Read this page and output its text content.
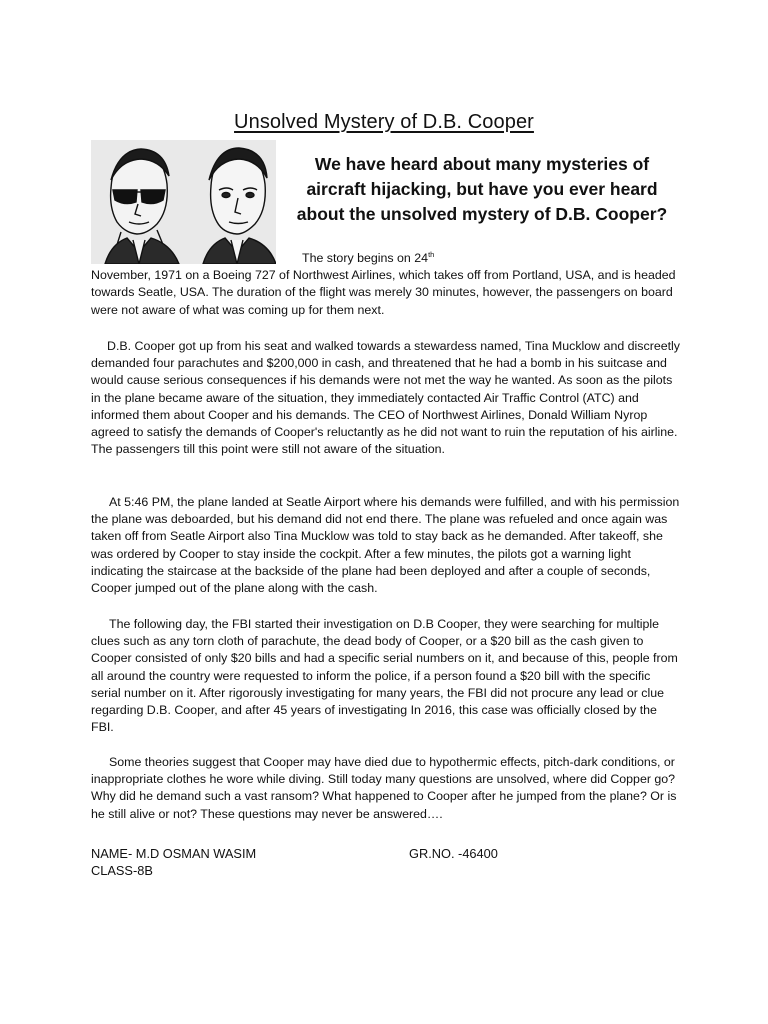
Unsolved Mystery of D.B. Cooper

We have heard about many mysteries of aircraft hijacking, but have you ever heard about the unsolved mystery of D.B. Cooper?

The story begins on 24th
November, 1971 on a Boeing 727 of Northwest Airlines, which takes off from Portland, USA, and is headed towards Seatle, USA. The duration of the flight was merely 30 minutes, however, the passengers on board were not aware of what was coming up for them next.

D.B. Cooper got up from his seat and walked towards a stewardess named, Tina Mucklow and discreetly demanded four parachutes and $200,000 in cash, and threatened that he had a bomb in his suitcase and would cause serious consequences if his demands were not met the way he wanted. As soon as the pilots in the plane became aware of the situation, they immediately contacted Air Traffic Control (ATC) and informed them about Cooper and his demands. The CEO of Northwest Airlines, Donald William Nyrop agreed to satisfy the demands of Cooper's reluctantly as he did not want to ruin the reputation of his airline. The passengers till this point were still not aware of the situation.

At 5:46 PM, the plane landed at Seatle Airport where his demands were fulfilled, and with his permission the plane was deboarded, but his demand did not end there. The plane was refueled and once again was taken off from Seatle Airport also Tina Mucklow was told to stay back as he demanded. After takeoff, she was ordered by Cooper to stay inside the cockpit. After a few minutes, the pilots got a warning light indicating the staircase at the backside of the plane had been deployed and after a couple of seconds, Cooper jumped out of the plane along with the cash.

The following day, the FBI started their investigation on D.B Cooper, they were searching for multiple clues such as any torn cloth of parachute, the dead body of Cooper, or a $20 bill as the cash given to Cooper consisted of only $20 bills and had a specific serial numbers on it, and because of this, people from all around the country were requested to inform the police, if a person found a $20 bill with the specific serial number on it. After rigorously investigating for many years, the FBI did not procure any lead or clue regarding D.B. Cooper, and after 45 years of investigating In 2016, this case was officially closed by the FBI.

Some theories suggest that Cooper may have died due to hypothermic effects, pitch-dark conditions, or inappropriate clothes he wore while diving. Still today many questions are unsolved, where did Copper go? Why did he demand such a vast ransom? What happened to Cooper after he jumped from the plane? Or is he still alive or not? These questions may never be answered….

NAME- M.D OSMAN WASIM	GR.NO. -46400
CLASS-8B
